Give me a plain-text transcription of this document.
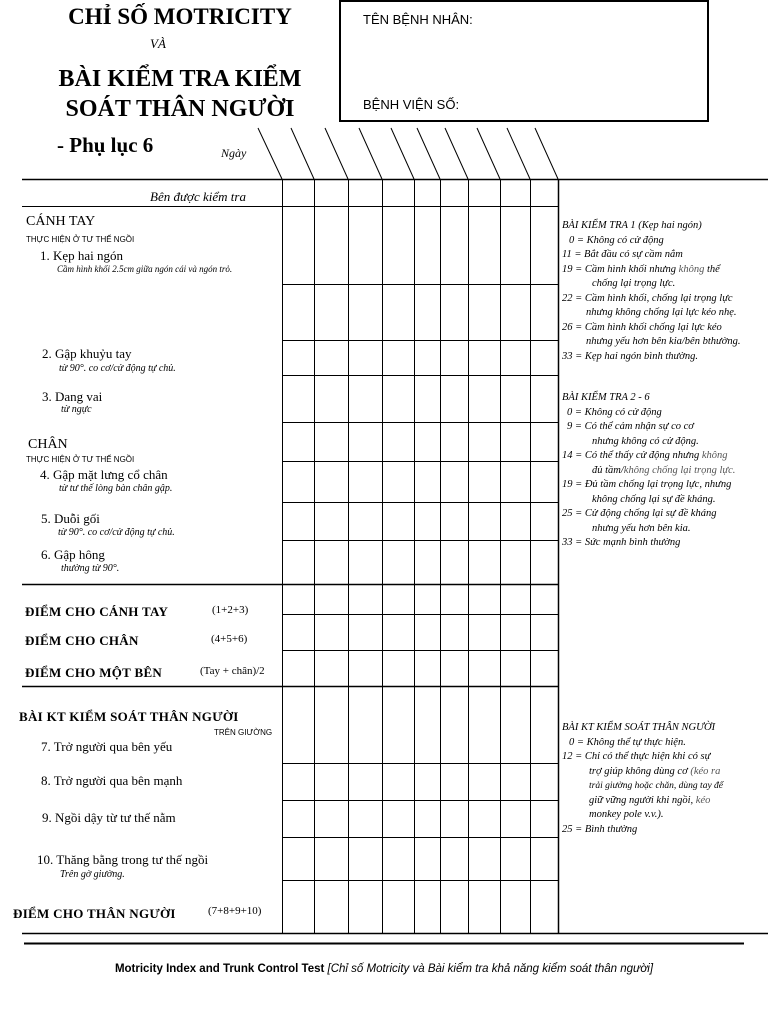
CHỈ SỐ MOTRICITY
VÀ
BÀI KIỂM TRA KIỂM
SOÁT THÂN NGƯỜI
- Phụ lục 6	Ngày
TÊN BỆNH NHÂN:
BỆNH VIỆN SỐ:
Bên được kiểm tra
CÁNH TAY
THỰC HIỆN Ở TƯ THẾ NGỒI
1. Kẹp hai ngón
Cầm hình khối 2.5cm giữa ngón cái và ngón trỏ.
2. Gập khuỷu tay
từ 90°. co cơ/cử động tự chủ.
3. Dang vai
từ ngực
CHÂN
THỰC HIỆN Ở TƯ THẾ NGỒI
4. Gập mặt lưng cổ chân
từ tư thế lòng bàn chân gập.
5. Duỗi gối
từ 90°. co cơ/cử động tự chủ.
6. Gập hông
thường từ 90°.
ĐIỂM CHO CÁNH TAY	(1+2+3)
ĐIỂM CHO CHÂN	(4+5+6)
ĐIỂM CHO MỘT BÊN	(Tay + chân)/2
BÀI KT KIỂM SOÁT THÂN NGƯỜI
TRÊN GIƯỜNG
7. Trở người qua bên yếu
8. Trở người qua bên mạnh
9. Ngồi dậy từ tư thế nằm
10. Thăng bằng trong tư thế ngồi
Trên gờ giường.
ĐIỂM CHO THÂN NGƯỜI	(7+8+9+10)
BÀI KIỂM TRA 1 (Kẹp hai ngón)
0 = Không có cử động
11 = Bắt đầu có sự cầm nắm
19 = Cầm hình khối nhưng không thể
chống lại trọng lực.
22 = Cầm hình khối, chống lại trọng lực
nhưng không chống lại lực kéo nhẹ.
26 = Cầm hình khối chống lại lực kéo
nhưng yếu hơn bên kia/bên bthường.
33 = Kẹp hai ngón bình thường.
BÀI KIỂM TRA 2 - 6
0 = Không có cử động
9 = Có thể cảm nhận sự co cơ
nhưng không có cử động.
14 = Có thể thấy cử động nhưng không
đủ tầm/không chống lại trọng lực.
19 = Đủ tầm chống lại trọng lực, nhưng
không chống lại sự đề kháng.
25 = Cử động chống lại sự đề kháng
nhưng yếu hơn bên kia.
33 = Sức mạnh bình thường
BÀI KT KIỂM SOÁT THÂN NGƯỜI
0 = Không thể tự thực hiện.
12 = Chỉ có thể thực hiện khi có sự
trợ giúp không dùng cơ (kéo ra
trải giường hoặc chăn, dùng tay để
giữ vững người khi ngồi, kéo
monkey pole v.v.).
25 = Bình thường
Motricity Index and Trunk Control Test [Chỉ số Motricity và Bài kiểm tra khả năng kiểm soát thân người]
